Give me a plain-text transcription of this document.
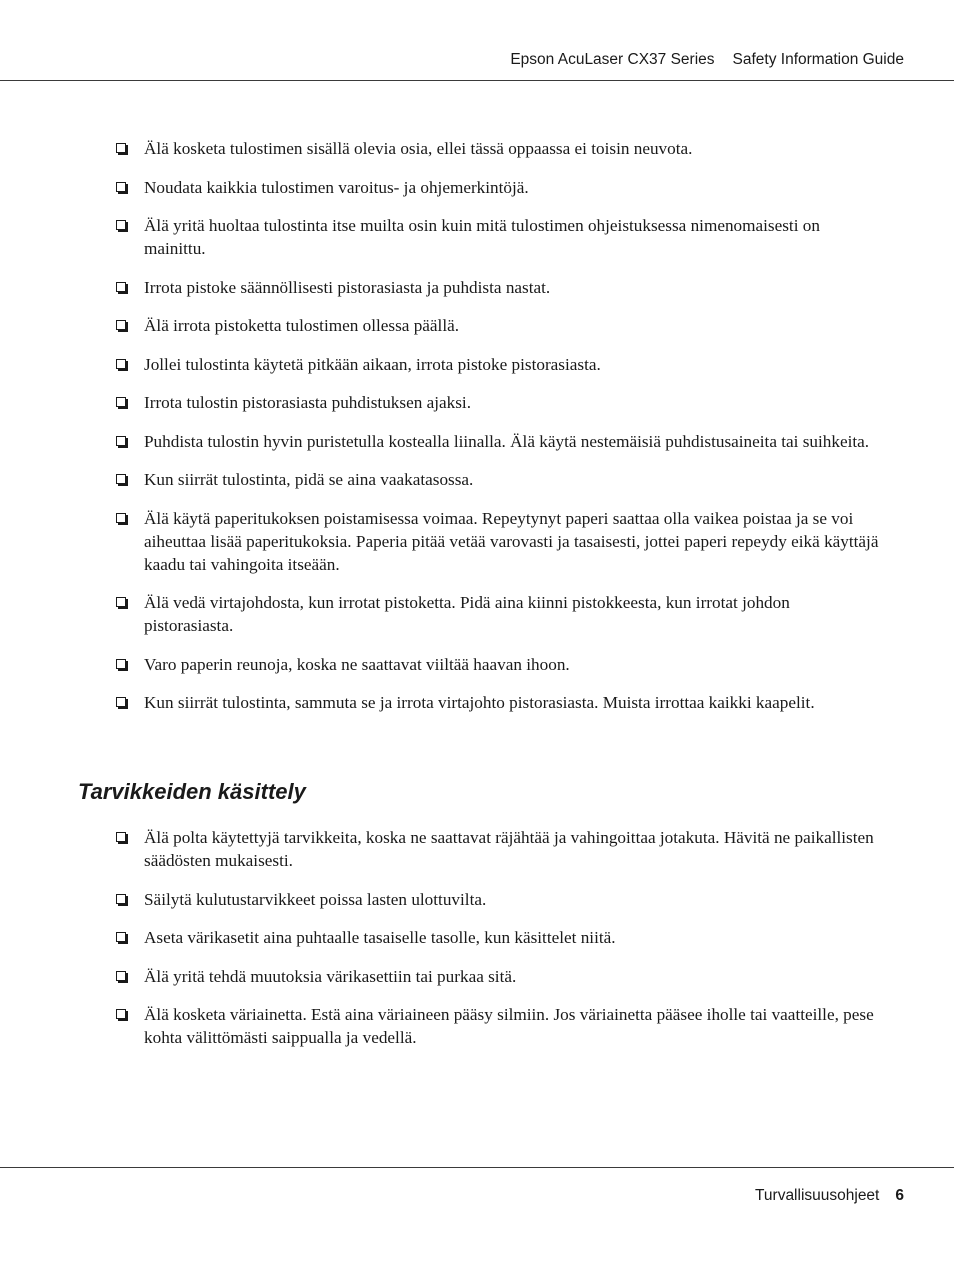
Epson AcuLaser CX37 Series Safety Information Guide
Älä kosketa tulostimen sisällä olevia osia, ellei tässä oppaassa ei toisin neuvota.
Noudata kaikkia tulostimen varoitus- ja ohjemerkintöjä.
Älä yritä huoltaa tulostinta itse muilta osin kuin mitä tulostimen ohjeistuksessa nimenomaisesti on mainittu.
Irrota pistoke säännöllisesti pistorasiasta ja puhdista nastat.
Älä irrota pistoketta tulostimen ollessa päällä.
Jollei tulostinta käytetä pitkään aikaan, irrota pistoke pistorasiasta.
Irrota tulostin pistorasiasta puhdistuksen ajaksi.
Puhdista tulostin hyvin puristetulla kostealla liinalla. Älä käytä nestemäisiä puhdistusaineita tai suihkeita.
Kun siirrät tulostinta, pidä se aina vaakatasossa.
Älä käytä paperitukoksen poistamisessa voimaa. Repeytynyt paperi saattaa olla vaikea poistaa ja se voi aiheuttaa lisää paperitukoksia. Paperia pitää vetää varovasti ja tasaisesti, jottei paperi repeydy eikä käyttäjä kaadu tai vahingoita itseään.
Älä vedä virtajohdosta, kun irrotat pistoketta. Pidä aina kiinni pistokkeesta, kun irrotat johdon pistorasiasta.
Varo paperin reunoja, koska ne saattavat viiltää haavan ihoon.
Kun siirrät tulostinta, sammuta se ja irrota virtajohto pistorasiasta. Muista irrottaa kaikki kaapelit.
Tarvikkeiden käsittely
Älä polta käytettyjä tarvikkeita, koska ne saattavat räjähtää ja vahingoittaa jotakuta. Hävitä ne paikallisten säädösten mukaisesti.
Säilytä kulutustarvikkeet poissa lasten ulottuvilta.
Aseta värikasetit aina puhtaalle tasaiselle tasolle, kun käsittelet niitä.
Älä yritä tehdä muutoksia värikasettiin tai purkaa sitä.
Älä kosketa väriainetta. Estä aina väriaineen pääsy silmiin. Jos väriainetta pääsee iholle tai vaatteille, pese kohta välittömästi saippualla ja vedellä.
Turvallisuusohjeet 6
